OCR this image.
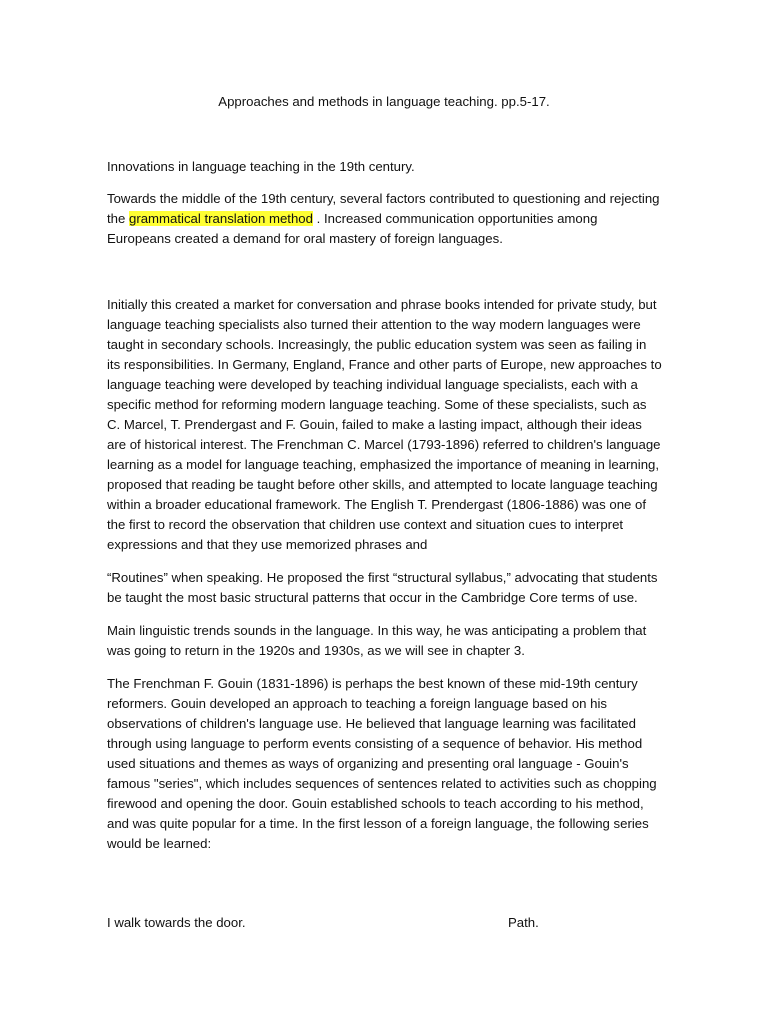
Approaches and methods in language teaching. pp.5-17.

Innovations in language teaching in the 19th century.

Towards the middle of the 19th century, several factors contributed to questioning and rejecting the grammatical translation method . Increased communication opportunities among Europeans created a demand for oral mastery of foreign languages.

Initially this created a market for conversation and phrase books intended for private study, but language teaching specialists also turned their attention to the way modern languages were taught in secondary schools. Increasingly, the public education system was seen as failing in its responsibilities. In Germany, England, France and other parts of Europe, new approaches to language teaching were developed by teaching individual language specialists, each with a specific method for reforming modern language teaching. Some of these specialists, such as C. Marcel, T. Prendergast and F. Gouin, failed to make a lasting impact, although their ideas are of historical interest. The Frenchman C. Marcel (1793-1896) referred to children's language learning as a model for language teaching, emphasized the importance of meaning in learning, proposed that reading be taught before other skills, and attempted to locate language teaching within a broader educational framework. The English T. Prendergast (1806-1886) was one of the first to record the observation that children use context and situation cues to interpret expressions and that they use memorized phrases and

“Routines” when speaking. He proposed the first “structural syllabus,” advocating that students be taught the most basic structural patterns that occur in the Cambridge Core terms of use.

Main linguistic trends sounds in the language. In this way, he was anticipating a problem that was going to return in the 1920s and 1930s, as we will see in chapter 3.

The Frenchman F. Gouin (1831-1896) is perhaps the best known of these mid-19th century reformers. Gouin developed an approach to teaching a foreign language based on his observations of children's language use. He believed that language learning was facilitated through using language to perform events consisting of a sequence of behavior. His method used situations and themes as ways of organizing and presenting oral language - Gouin's famous "series", which includes sequences of sentences related to activities such as chopping firewood and opening the door. Gouin established schools to teach according to his method, and was quite popular for a time. In the first lesson of a foreign language, the following series would be learned:

I walk towards the door.	Path.
